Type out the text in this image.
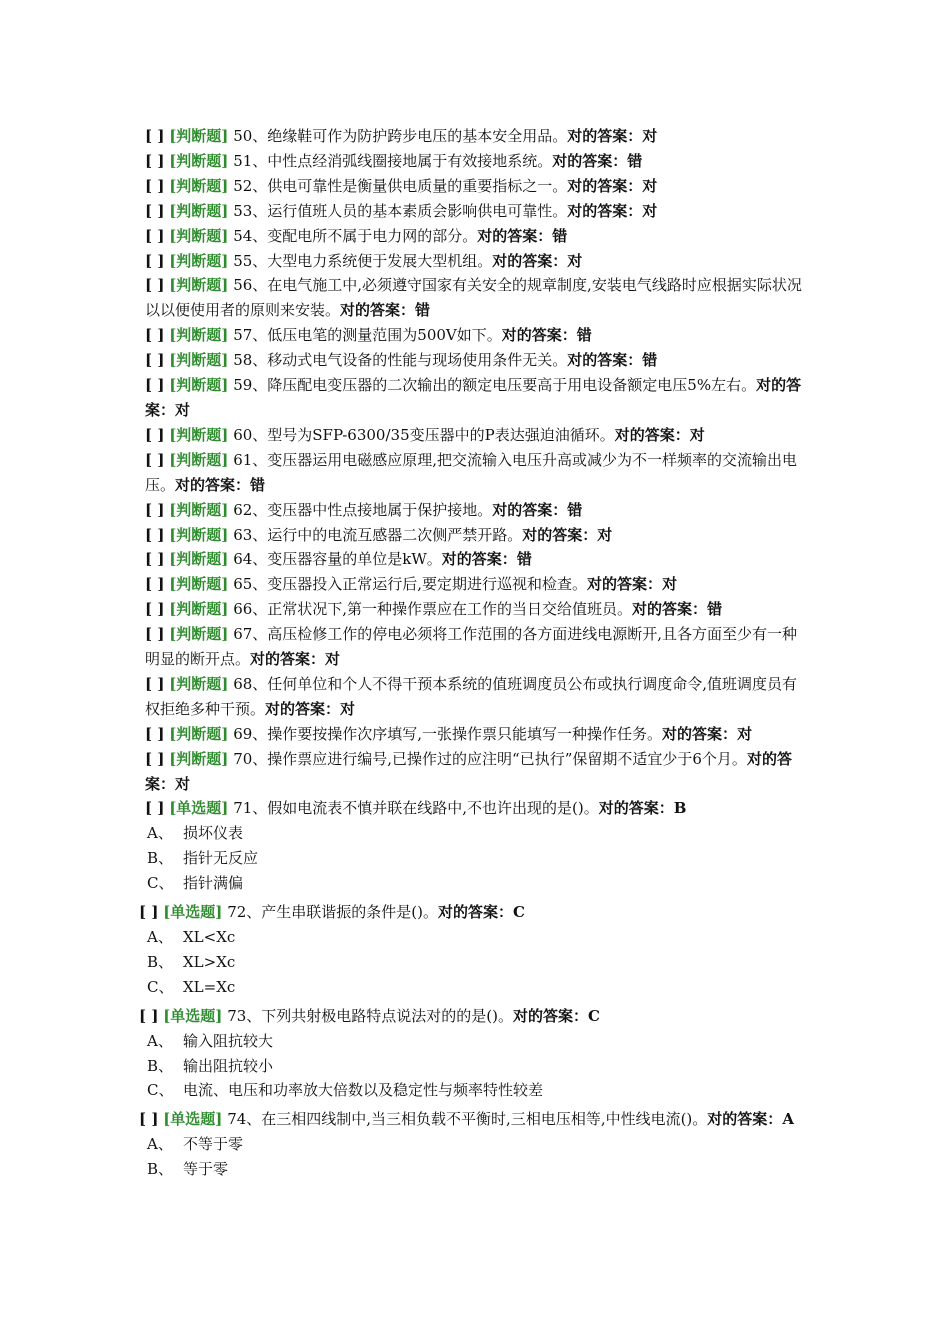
[ ] [判断题] 50、绝缘鞋可作为防护跨步电压的基本安全用品。对的答案：对
[ ] [判断题] 51、中性点经消弧线圈接地属于有效接地系统。对的答案：错
[ ] [判断题] 52、供电可靠性是衡量供电质量的重要指标之一。对的答案：对
[ ] [判断题] 53、运行值班人员的基本素质会影响供电可靠性。对的答案：对
[ ] [判断题] 54、变配电所不属于电力网的部分。对的答案：错
[ ] [判断题] 55、大型电力系统便于发展大型机组。对的答案：对
[ ] [判断题] 56、在电气施工中,必须遵守国家有关安全的规章制度,安装电气线路时应根据实际状况以以便使用者的原则来安装。对的答案：错
[ ] [判断题] 57、低压电笔的测量范围为500V如下。对的答案：错
[ ] [判断题] 58、移动式电气设备的性能与现场使用条件无关。对的答案：错
[ ] [判断题] 59、降压配电变压器的二次输出的额定电压要高于用电设备额定电压5%左右。对的答案：对
[ ] [判断题] 60、型号为SFP-6300/35变压器中的P表达强迫油循环。对的答案：对
[ ] [判断题] 61、变压器运用电磁感应原理,把交流输入电压升高或减少为不一样频率的交流输出电压。对的答案：错
[ ] [判断题] 62、变压器中性点接地属于保护接地。对的答案：错
[ ] [判断题] 63、运行中的电流互感器二次侧严禁开路。对的答案：对
[ ] [判断题] 64、变压器容量的单位是kW。对的答案：错
[ ] [判断题] 65、变压器投入正常运行后,要定期进行巡视和检查。对的答案：对
[ ] [判断题] 66、正常状况下,第一种操作票应在工作的当日交给值班员。对的答案：错
[ ] [判断题] 67、高压检修工作的停电必须将工作范围的各方面进线电源断开,且各方面至少有一种明显的断开点。对的答案：对
[ ] [判断题] 68、任何单位和个人不得干预本系统的值班调度员公布或执行调度命令,值班调度员有权拒绝多种干预。对的答案：对
[ ] [判断题] 69、操作要按操作次序填写,一张操作票只能填写一种操作任务。对的答案：对
[ ] [判断题] 70、操作票应进行编号,已操作过的应注明“已执行”保留期不适宜少于6个月。对的答案：对
[ ] [单选题] 71、假如电流表不慎并联在线路中,不也许出现的是()。对的答案：B
A、 损坏仪表
B、 指针无反应
C、 指针满偏
[ ] [单选题] 72、产生串联谐振的条件是()。对的答案：C
A、 XL<Xc
B、 XL>Xc
C、 XL=Xc
[ ] [单选题] 73、下列共射极电路特点说法对的的是()。对的答案：C
A、 输入阻抗较大
B、 输出阻抗较小
C、 电流、电压和功率放大倍数以及稳定性与频率特性较差
[ ] [单选题] 74、在三相四线制中,当三相负载不平衡时,三相电压相等,中性线电流()。对的答案：A
A、 不等于零
B、 等于零
